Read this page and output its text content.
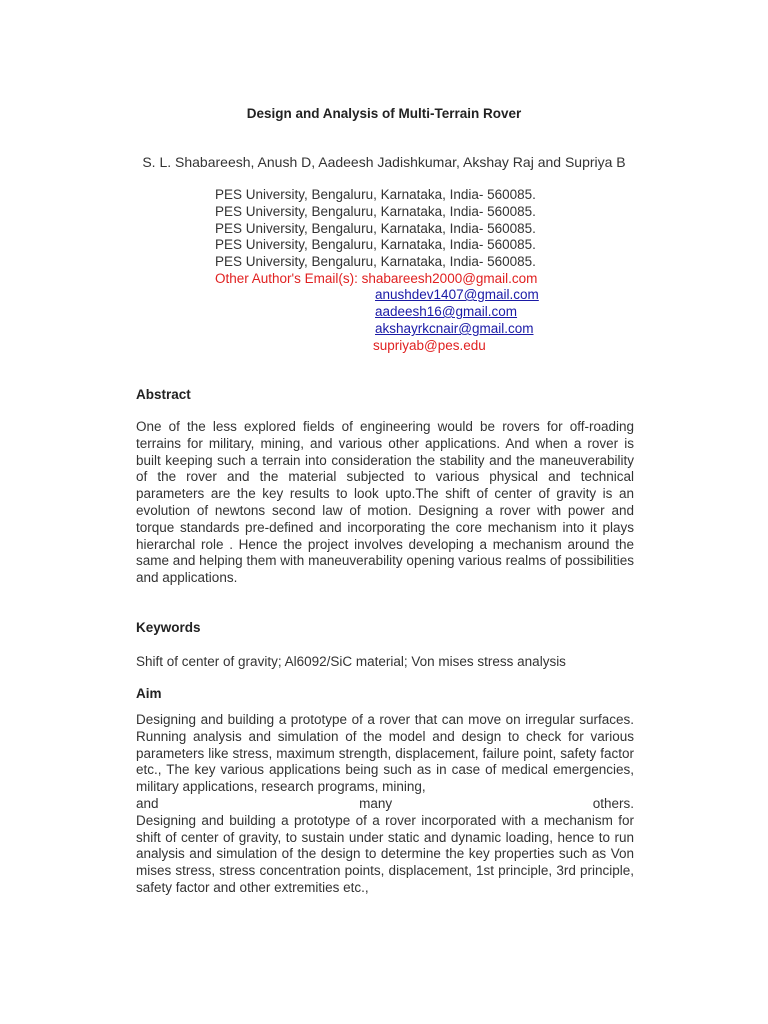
Design and Analysis of Multi-Terrain Rover
S. L. Shabareesh, Anush D, Aadeesh Jadishkumar, Akshay Raj and Supriya B
PES University, Bengaluru, Karnataka, India- 560085.
PES University, Bengaluru, Karnataka, India- 560085.
PES University, Bengaluru, Karnataka, India- 560085.
PES University, Bengaluru, Karnataka, India- 560085.
PES University, Bengaluru, Karnataka, India- 560085.
Other Author's Email(s): shabareesh2000@gmail.com
anushdev1407@gmail.com
aadeesh16@gmail.com
akshayrkcnair@gmail.com
supriyab@pes.edu
Abstract

One of the less explored fields of engineering would be rovers for off-roading terrains for military, mining, and various other applications. And when a rover is built keeping such a terrain into consideration the stability and the maneuverability of the rover and the material subjected to various physical and technical parameters are the key results to look upto.The shift of center of gravity is an evolution of newtons second law of motion. Designing a rover with power and torque standards pre-defined and incorporating the core mechanism into it plays hierarchal role . Hence the project involves developing a mechanism around the same and helping them with maneuverability opening various realms of possibilities and applications.

Keywords

Shift of center of gravity; Al6092/SiC material; Von mises stress analysis

Aim

Designing and building a prototype of a rover that can move on irregular surfaces. Running analysis and simulation of the model and design to check for various parameters like stress, maximum strength, displacement, failure point, safety factor etc., The key various applications being such as in case of medical emergencies, military applications, research programs, mining,

and many others.

Designing and building a prototype of a rover incorporated with a mechanism for shift of center of gravity, to sustain under static and dynamic loading, hence to run analysis and simulation of the design to determine the key properties such as Von mises stress, stress concentration points, displacement, 1st principle, 3rd principle, safety factor and other extremities etc.,
